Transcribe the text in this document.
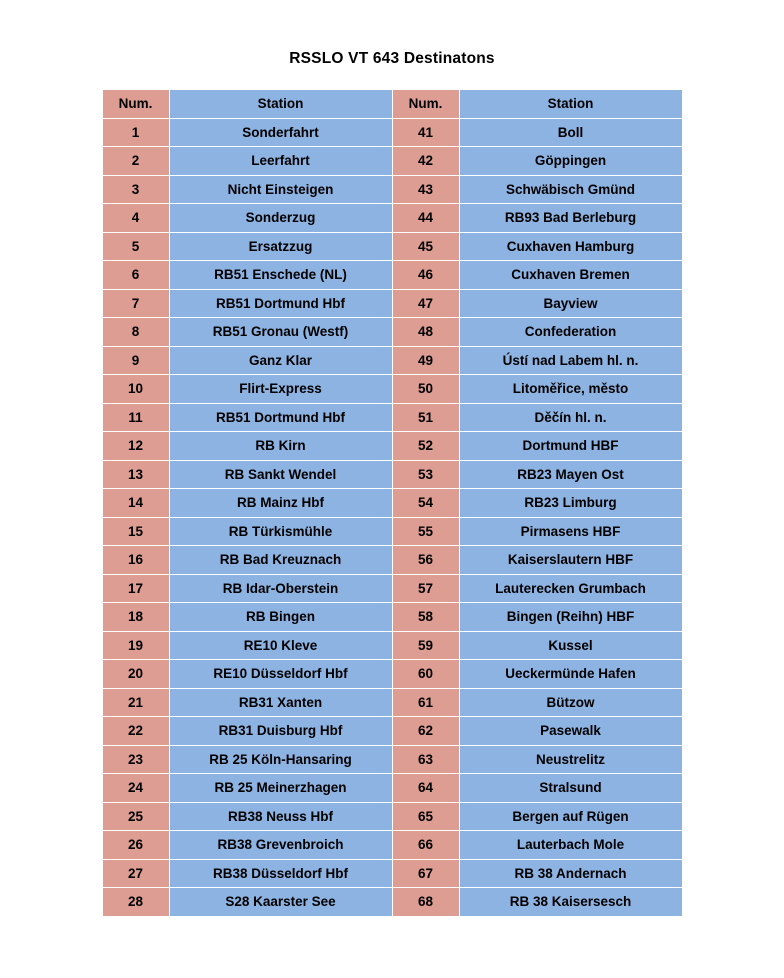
RSSLO VT 643 Destinatons
Num.	Station	Num.	Station
1	Sonderfahrt	41	Boll
2	Leerfahrt	42	Göppingen
3	Nicht Einsteigen	43	Schwäbisch Gmünd
4	Sonderzug	44	RB93 Bad Berleburg
5	Ersatzzug	45	Cuxhaven Hamburg
6	RB51 Enschede (NL)	46	Cuxhaven Bremen
7	RB51 Dortmund Hbf	47	Bayview
8	RB51 Gronau (Westf)	48	Confederation
9	Ganz Klar	49	Ústí nad Labem hl. n.
10	Flirt-Express	50	Litoměřice, město
11	RB51 Dortmund Hbf	51	Děčín hl. n.
12	RB Kirn	52	Dortmund HBF
13	RB Sankt Wendel	53	RB23 Mayen Ost
14	RB Mainz Hbf	54	RB23 Limburg
15	RB Türkismühle	55	Pirmasens HBF
16	RB Bad Kreuznach	56	Kaiserslautern HBF
17	RB Idar-Oberstein	57	Lauterecken Grumbach
18	RB Bingen	58	Bingen (Reihn) HBF
19	RE10 Kleve	59	Kussel
20	RE10 Düsseldorf Hbf	60	Ueckermünde Hafen
21	RB31 Xanten	61	Bützow
22	RB31 Duisburg Hbf	62	Pasewalk
23	RB 25 Köln-Hansaring	63	Neustrelitz
24	RB 25 Meinerzhagen	64	Stralsund
25	RB38 Neuss Hbf	65	Bergen auf Rügen
26	RB38 Grevenbroich	66	Lauterbach Mole
27	RB38 Düsseldorf Hbf	67	RB 38 Andernach
28	S28 Kaarster See	68	RB 38 Kaisersesch
